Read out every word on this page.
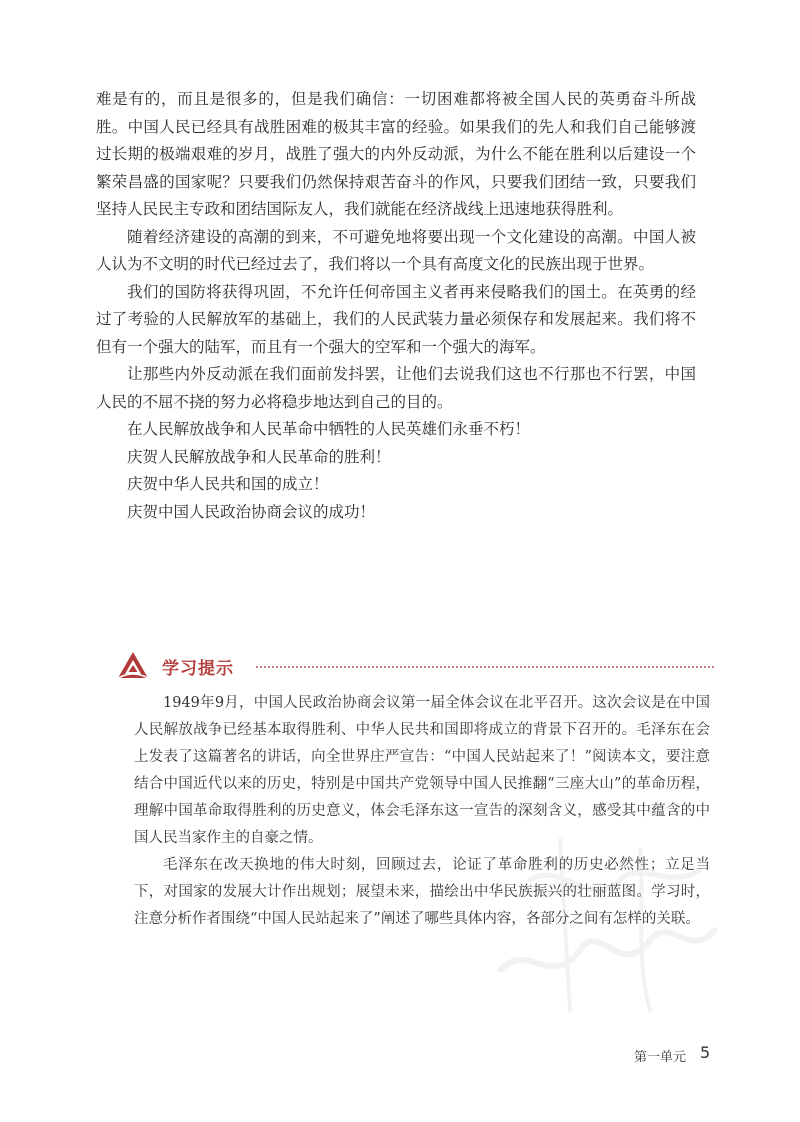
难是有的，而且是很多的，但是我们确信：一切困难都将被全国人民的英勇奋斗所战胜。中国人民已经具有战胜困难的极其丰富的经验。如果我们的先人和我们自己能够渡过长期的极端艰难的岁月，战胜了强大的内外反动派，为什么不能在胜利以后建设一个繁荣昌盛的国家呢？只要我们仍然保持艰苦奋斗的作风，只要我们团结一致，只要我们坚持人民民主专政和团结国际友人，我们就能在经济战线上迅速地获得胜利。

随着经济建设的高潮的到来，不可避免地将要出现一个文化建设的高潮。中国人被人认为不文明的时代已经过去了，我们将以一个具有高度文化的民族出现于世界。

我们的国防将获得巩固，不允许任何帝国主义者再来侵略我们的国土。在英勇的经过了考验的人民解放军的基础上，我们的人民武装力量必须保存和发展起来。我们将不但有一个强大的陆军，而且有一个强大的空军和一个强大的海军。

让那些内外反动派在我们面前发抖罢，让他们去说我们这也不行那也不行罢，中国人民的不屈不挠的努力必将稳步地达到自己的目的。

在人民解放战争和人民革命中牺牲的人民英雄们永垂不朽！

庆贺人民解放战争和人民革命的胜利！

庆贺中华人民共和国的成立！

庆贺中国人民政治协商会议的成功！

学习提示

1949年9月，中国人民政治协商会议第一届全体会议在北平召开。这次会议是在中国人民解放战争已经基本取得胜利、中华人民共和国即将成立的背景下召开的。毛泽东在会上发表了这篇著名的讲话，向全世界庄严宣告：“中国人民站起来了！”阅读本文，要注意结合中国近代以来的历史，特别是中国共产党领导中国人民推翻“三座大山”的革命历程，理解中国革命取得胜利的历史意义，体会毛泽东这一宣告的深刻含义，感受其中蕴含的中国人民当家作主的自豪之情。

毛泽东在改天换地的伟大时刻，回顾过去，论证了革命胜利的历史必然性；立足当下，对国家的发展大计作出规划；展望未来，描绘出中华民族振兴的壮丽蓝图。学习时，注意分析作者围绕“中国人民站起来了”阐述了哪些具体内容，各部分之间有怎样的关联。

第一单元 5
